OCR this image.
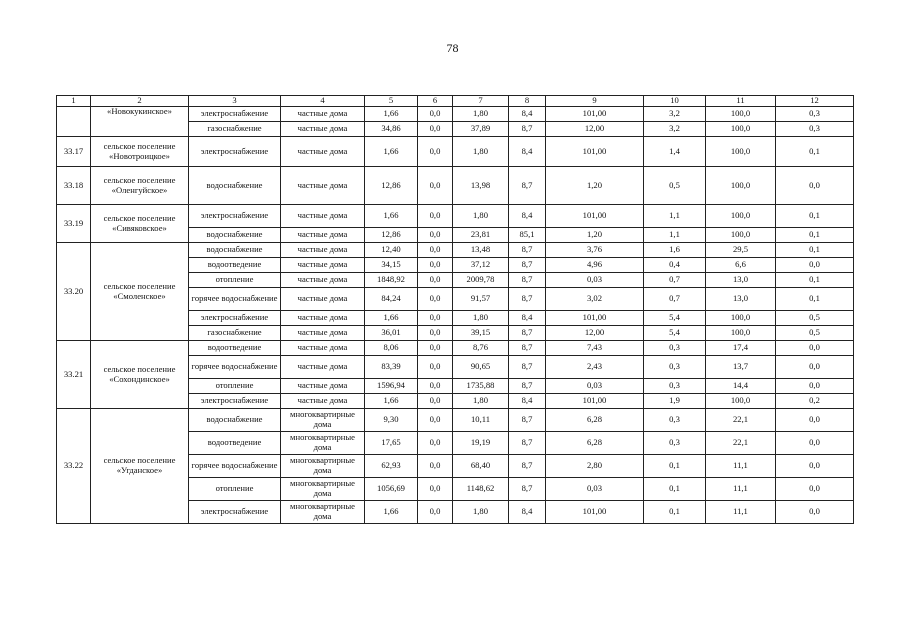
78
1	2	3	4	5	6	7	8	9	10	11	12
	«Новокукинское»	электроснабжение	частные дома	1,66	0,0	1,80	8,4	101,00	3,2	100,0	0,3
		газоснабжение	частные дома	34,86	0,0	37,89	8,7	12,00	3,2	100,0	0,3
33.17	сельское поселение «Новотроицкое»	электроснабжение	частные дома	1,66	0,0	1,80	8,4	101,00	1,4	100,0	0,1
33.18	сельское поселение «Оленгуйское»	водоснабжение	частные дома	12,86	0,0	13,98	8,7	1,20	0,5	100,0	0,0
33.19	сельское поселение «Сивяковское»	электроснабжение	частные дома	1,66	0,0	1,80	8,4	101,00	1,1	100,0	0,1
		водоснабжение	частные дома	12,86	0,0	23,81	85,1	1,20	1,1	100,0	0,1
33.20	сельское поселение «Смоленское»	водоснабжение	частные дома	12,40	0,0	13,48	8,7	3,76	1,6	29,5	0,1
		водоотведение	частные дома	34,15	0,0	37,12	8,7	4,96	0,4	6,6	0,0
		отопление	частные дома	1848,92	0,0	2009,78	8,7	0,03	0,7	13,0	0,1
		горячее водоснабжение	частные дома	84,24	0,0	91,57	8,7	3,02	0,7	13,0	0,1
		электроснабжение	частные дома	1,66	0,0	1,80	8,4	101,00	5,4	100,0	0,5
		газоснабжение	частные дома	36,01	0,0	39,15	8,7	12,00	5,4	100,0	0,5
33.21	сельское поселение «Сохондинское»	водоотведение	частные дома	8,06	0,0	8,76	8,7	7,43	0,3	17,4	0,0
		горячее водоснабжение	частные дома	83,39	0,0	90,65	8,7	2,43	0,3	13,7	0,0
		отопление	частные дома	1596,94	0,0	1735,88	8,7	0,03	0,3	14,4	0,0
		электроснабжение	частные дома	1,66	0,0	1,80	8,4	101,00	1,9	100,0	0,2
33.22	сельское поселение «Угданское»	водоснабжение	многоквартирные дома	9,30	0,0	10,11	8,7	6,28	0,3	22,1	0,0
		водоотведение	многоквартирные дома	17,65	0,0	19,19	8,7	6,28	0,3	22,1	0,0
		горячее водоснабжение	многоквартирные дома	62,93	0,0	68,40	8,7	2,80	0,1	11,1	0,0
		отопление	многоквартирные дома	1056,69	0,0	1148,62	8,7	0,03	0,1	11,1	0,0
		электроснабжение	многоквартирные дома	1,66	0,0	1,80	8,4	101,00	0,1	11,1	0,0
